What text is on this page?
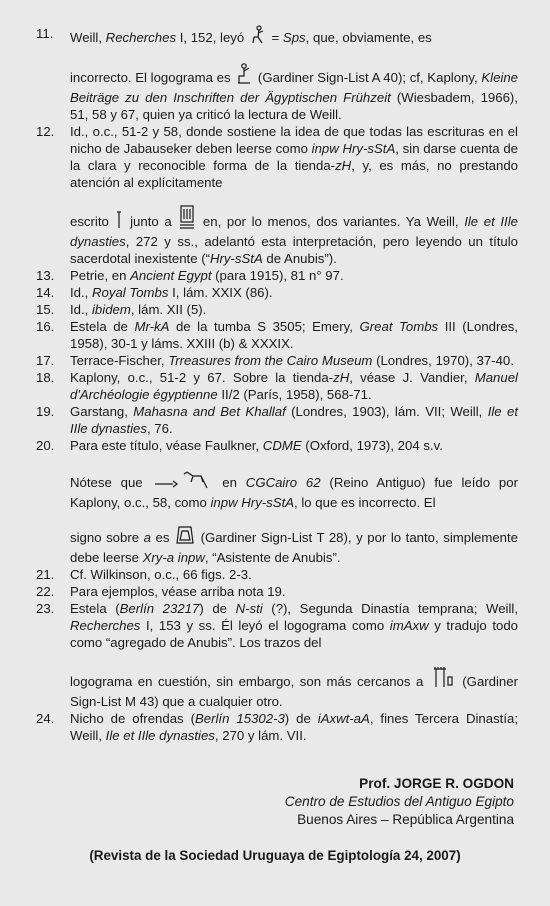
11.	Weill, Recherches I, 152, leyó  = Sps, que, obviamente, es
incorrecto. El logograma es  (Gardiner Sign-List A 40); cf, Kaplony, Kleine Beiträge zu den Inschriften der Ägyptischen Frühzeit (Wiesbadem, 1966), 51, 58 y 67, quien ya criticó la lectura de Weill.
12.	Id., o.c., 51-2 y 58, donde sostiene la idea de que todas las escrituras en el nicho de Jabauseker deben leerse como inpw Hry-sStA, sin darse cuenta de la clara y reconocible forma de la tienda-zH, y, es más, no prestando atención al explícitamente
escrito  junto a  en, por lo menos, dos variantes. Ya Weill, Ile et IIle dynasties, 272 y ss., adelantó esta interpretación, pero leyendo un título sacerdotal inexistente (“Hry-sStA de Anubis”).
13.	Petrie, en Ancient Egypt (para 1915), 81 n° 97.
14.	Id., Royal Tombs I, lám. XXIX (86).
15.	Id., ibidem, lám. XII (5).
16.	Estela de Mr-kA de la tumba S 3505; Emery, Great Tombs III (Londres, 1958), 30-1 y láms. XXIII (b) & XXXIX.
17.	Terrace-Fischer, Trreasures from the Cairo Museum (Londres, 1970), 37-40.
18.	Kaplony, o.c., 51-2 y 67. Sobre la tienda-zH, véase J. Vandier, Manuel d'Archéologie égyptienne II/2 (París, 1958), 568-71.
19.	Garstang, Mahasna and Bet Khallaf (Londres, 1903), lám. VII; Weill, Ile et IIle dynasties, 76.
20.	Para este título, véase Faulkner, CDME (Oxford, 1973), 204 s.v.
Nótese que	en CGCairo 62 (Reino Antiguo) fue leído por Kaplony, o.c., 58, como inpw Hry-sStA, lo que es incorrecto. El
signo sobre a es  (Gardiner Sign-List T 28), y por lo tanto, simplemente debe leerse Xry-a inpw, “Asistente de Anubis”.
21.	Cf. Wilkinson, o.c., 66 figs. 2-3.
22.	Para ejemplos, véase arriba nota 19.
23.	Estela (Berlín 23217) de N-sti (?), Segunda Dinastía temprana; Weill, Recherches I, 153 y ss. Él leyó el logograma como imAxw y tradujo todo como “agregado de Anubis”. Los trazos del
logograma en cuestión, sin embargo, son más cercanos a  (Gardiner Sign-List M 43) que a cualquier otro.
24.	Nicho de ofrendas (Berlín 15302-3) de iAxwt-aA, fines Tercera Dinastía; Weill, Ile et IIle dynasties, 270 y lám. VII.
Prof. JORGE R. OGDON
Centro de Estudios del Antiguo Egipto
Buenos Aires – República Argentina
(Revista de la Sociedad Uruguaya de Egiptología 24, 2007)
